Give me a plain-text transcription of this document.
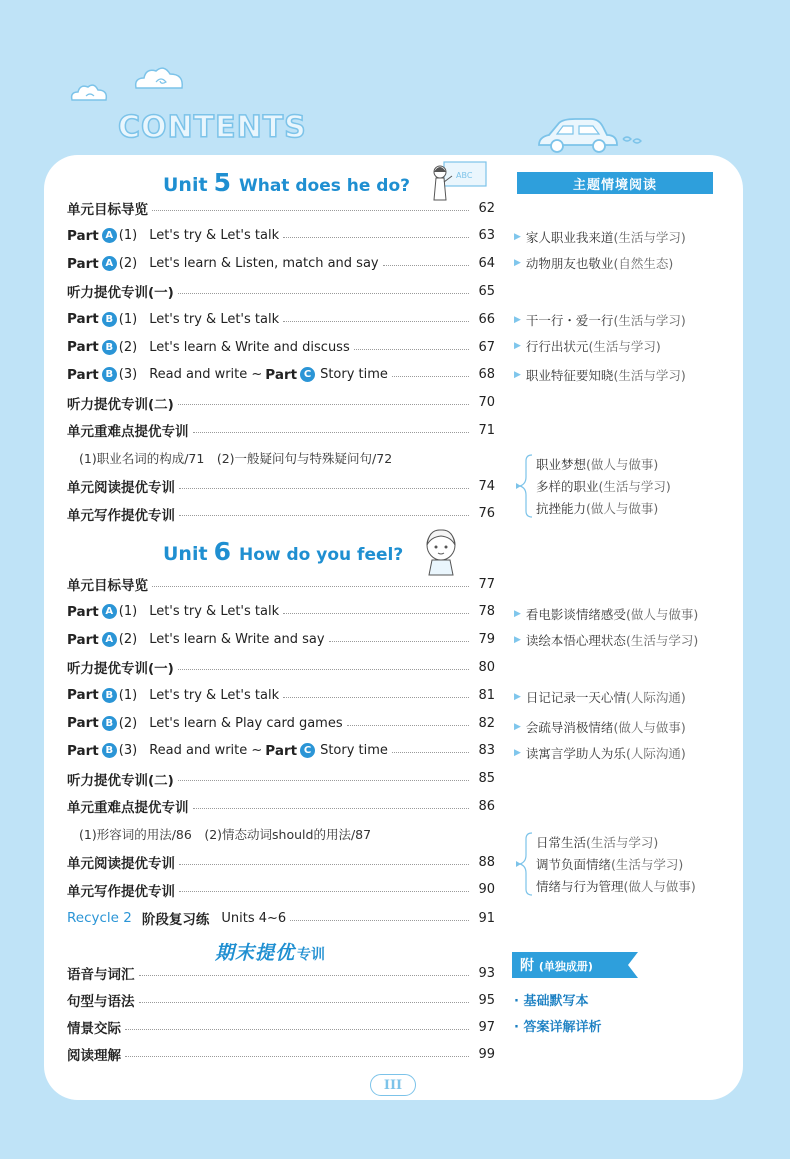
CONTENTS
Unit 5 What does he do?
ABC
单元目标导览	62
Part A (1) Let's try & Let's talk	63
Part A (2) Let's learn & Listen, match and say	64
听力提优专训(一)	65
Part B (1) Let's try & Let's talk	66
Part B (2) Let's learn & Write and discuss	67
Part B (3) Read and write ~ Part C Story time	68
听力提优专训(二)	70
单元重难点提优专训	71
(1)职业名词的构成/71　(2)一般疑问句与特殊疑问句/72
单元阅读提优专训	74
单元写作提优专训	76
Unit 6 How do you feel?
单元目标导览	77
Part A (1) Let's try & Let's talk	78
Part A (2) Let's learn & Write and say	79
听力提优专训(一)	80
Part B (1) Let's try & Let's talk	81
Part B (2) Let's learn & Play card games	82
Part B (3) Read and write ~ Part C Story time	83
听力提优专训(二)	85
单元重难点提优专训	86
(1)形容词的用法/86　(2)情态动词should的用法/87
单元阅读提优专训	88
单元写作提优专训	90
Recycle 2 阶段复习练 Units 4~6	91
期末提优 专训
语音与词汇	93
句型与语法	95
情景交际	97
阅读理解	99
主题情境阅读
▶ 家人职业我来道 (生活与学习)
▶ 动物朋友也敬业 (自然生态)
▶ 干一行・爱一行 (生活与学习)
▶ 行行出状元 (生活与学习)
▶ 职业特征要知晓 (生活与学习)
▶ 看电影谈情绪感受 (做人与做事)
▶ 读绘本悟心理状态 (生活与学习)
▶ 日记记录一天心情 (人际沟通)
▶ 会疏导消极情绪 (做人与做事)
▶ 读寓言学助人为乐 (人际沟通)
职业梦想(做人与做事)
多样的职业(生活与学习)
抗挫能力(做人与做事)
日常生活(生活与学习)
调节负面情绪(生活与学习)
情绪与行为管理(做人与做事)
附 (单独成册)
· 基础默写本
· 答案详解详析
III
